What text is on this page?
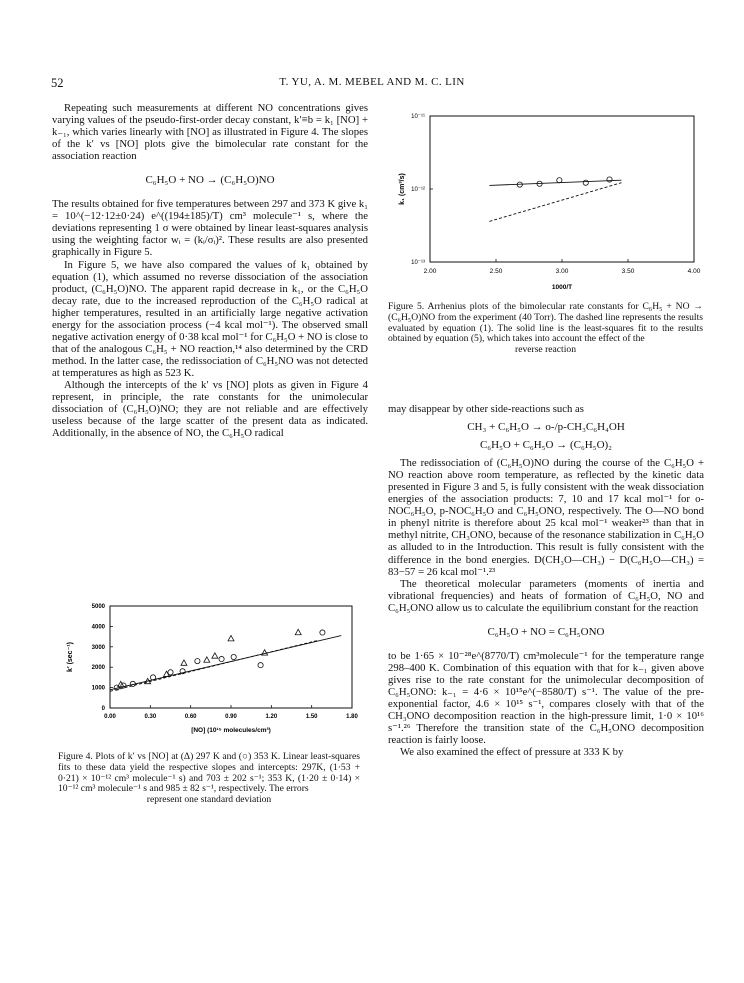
52	T. YU, A. M. MEBEL AND M. C. LIN

Repeating such measurements at different NO concentrations gives varying values of the pseudo-first-order decay constant, k′≡b = k₁ [NO] + k₋₁, which varies linearly with [NO] as illustrated in Figure 4. The slopes of the k′ vs [NO] plots give the bimolecular rate constant for the association reaction

C₆H₅O + NO → (C₆H₅O)NO

The results obtained for five temperatures between 297 and 373 K give k₁ = 10^(−12·12±0·24) e^((194±185)/T) cm³ molecule⁻¹ s, where the deviations representing 1 σ were obtained by linear least-squares analysis using the weighting factor wᵢ = (kᵢ/σᵢ)². These results are also presented graphically in Figure 5.

In Figure 5, we have also compared the values of k₁ obtained by equation (1), which assumed no reverse dissociation of the association product, (C₆H₅O)NO. The apparent rapid decrease in k₁, or the C₆H₅O decay rate, due to the increased reproduction of the C₆H₅O radical at higher temperatures, resulted in an artificially large negative activation energy for the association process (−4 kcal mol⁻¹). The observed small negative activation energy of 0·38 kcal mol⁻¹ for C₆H₅O + NO is close to that of the analogous C₆H₅ + NO reaction,¹⁴ also determined by the CRD method. In the latter case, the redissociation of C₆H₅NO was not detected at temperatures as high as 523 K.

Although the intercepts of the k′ vs [NO] plots as given in Figure 4 represent, in principle, the rate constants for the unimolecular dissociation of (C₆H₅O)NO; they are not reliable and are effectively useless because of the large scatter of the present data as indicated. Additionally, in the absence of NO, the C₆H₅O radical

0.00	0.30	0.60	0.90	1.20	1.50	1.80
0
1000
2000
3000
4000
5000
[NO] (10¹⁵ molecules/cm³)
k′ (sec⁻¹)
Figure 4. Plots of k′ vs [NO] at (Δ) 297 K and (○) 353 K. Linear least-squares fits to these data yield the respective slopes and intercepts: 297K, (1·53 + 0·21) × 10⁻¹² cm³ molecule⁻¹ s) and 703 ± 202 s⁻¹; 353 K, (1·20 ± 0·14) × 10⁻¹² cm³ molecule⁻¹ s and 985 ± 82 s⁻¹, respectively. The errors
represent one standard deviation
2.00	2.50	3.00	3.50	4.00
10⁻¹³
10⁻¹²
10⁻¹¹
1000/T
k₁ (cm³/s)
Figure 5. Arrhenius plots of the bimolecular rate constants for C₆H₅ + NO → (C₆H₅O)NO from the experiment (40 Torr). The dashed line represents the results evaluated by equation (1). The solid line is the least-squares fit to the results obtained by equation (5), which takes into account the effect of the
reverse reaction

may disappear by other side-reactions such as

CH₃ + C₆H₅O → o-/p-CH₃C₆H₄OH
C₆H₅O + C₆H₅O → (C₆H₅O)₂

The redissociation of (C₆H₅O)NO during the course of the C₆H₅O + NO reaction above room temperature, as reflected by the kinetic data presented in Figure 3 and 5, is fully consistent with the weak dissociation energies of the association products: 7, 10 and 17 kcal mol⁻¹ for o-NOC₆H₅O, p-NOC₆H₅O and C₆H₅ONO, respectively. The O—NO bond in phenyl nitrite is therefore about 25 kcal mol⁻¹ weaker²³ than that in methyl nitrite, CH₃ONO, because of the resonance stabilization in C₆H₅O as alluded to in the Introduction. This result is fully consistent with the difference in the bond energies. D(CH₃O—CH₃) − D(C₆H₅O—CH₃) = 83−57 = 26 kcal mol⁻¹.²³

The theoretical molecular parameters (moments of inertia and vibrational frequencies) and heats of formation of C₆H₅O, NO and C₆H₅ONO allow us to calculate the equilibrium constant for the reaction

C₆H₅O + NO = C₆H₅ONO

to be 1·65 × 10⁻²⁸e^(8770/T) cm³molecule⁻¹ for the temperature range 298–400 K. Combination of this equation with that for k₋₁ given above gives rise to the rate constant for the unimolecular decomposition of C₆H₅ONO: k₋₁ = 4·6 × 10¹⁵e^(−8580/T) s⁻¹. The value of the pre-exponential factor, 4.6 × 10¹⁵ s⁻¹, compares closely with that of the CH₃ONO decomposition reaction in the high-pressure limit, 1·0 × 10¹⁶ s⁻¹.²⁶ Therefore the transition state of the C₆H₅ONO decomposition reaction is fairly loose.

We also examined the effect of pressure at 333 K by
